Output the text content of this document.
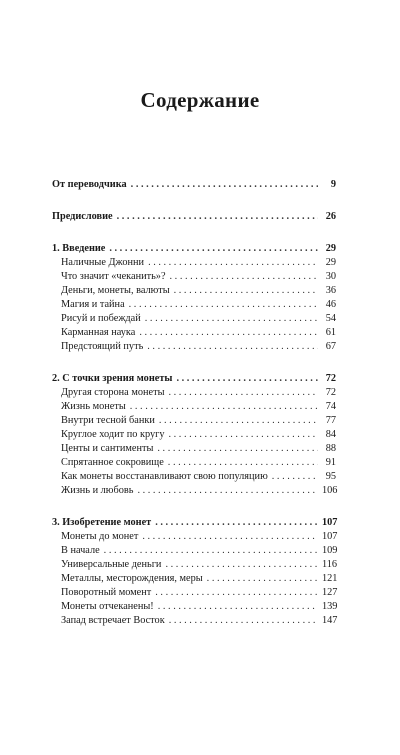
Содержание
От переводчика . . .	9
Предисловие . . .	26
1. Введение . . .	29
Наличные Джонни . . .	29
Что значит «чеканить»? . . .	30
Деньги, монеты, валюты . . .	36
Магия и тайна . . .	46
Рисуй и побеждай . . .	54
Карманная наука . . .	61
Предстоящий путь . . .	67
2. С точки зрения монеты . . .	72
Другая сторона монеты . . .	72
Жизнь монеты . . .	74
Внутри тесной банки . . .	77
Круглое ходит по кругу . . .	84
Центы и сантименты . . .	88
Спрятанное сокровище . . .	91
Как монеты восстанавливают свою популяцию . . .	95
Жизнь и любовь . . .	106
3. Изобретение монет . . .	107
Монеты до монет . . .	107
В начале . . .	109
Универсальные деньги . . .	116
Металлы, месторождения, меры . . .	121
Поворотный момент . . .	127
Монеты отчеканены! . . .	139
Запад встречает Восток . . .	147
